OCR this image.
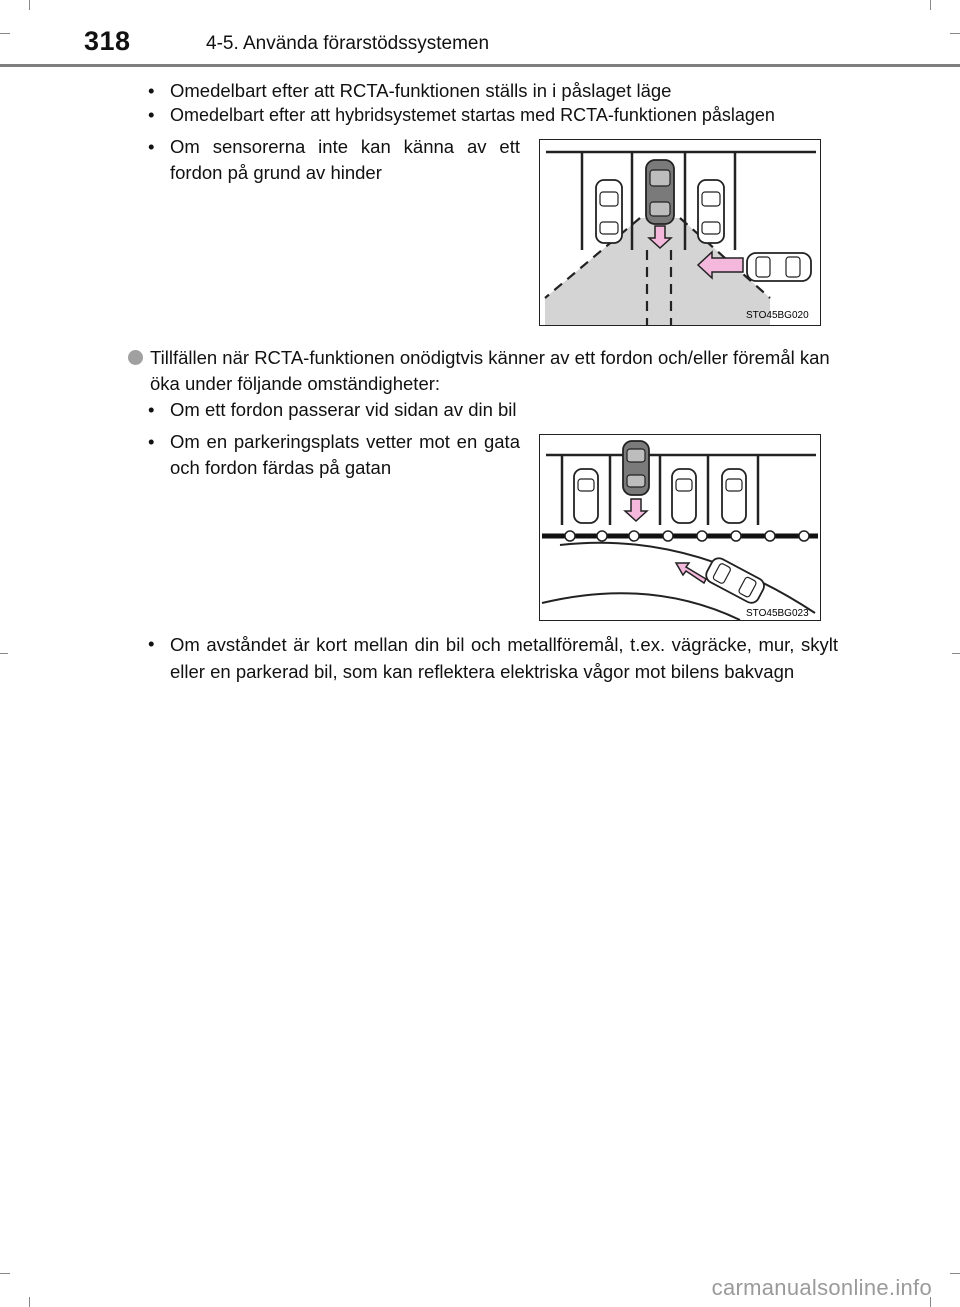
318	4-5. Använda förarstödssystemen
• Omedelbart efter att RCTA-funktionen ställs in i påslaget läge
• Omedelbart efter att hybridsystemet startas med RCTA-funktionen påslagen
• Om sensorerna inte kan känna av ett fordon på grund av hinder
STO45BG020
Tillfällen när RCTA-funktionen onödigtvis känner av ett fordon och/eller föremål kan öka under följande omständigheter:
• Om ett fordon passerar vid sidan av din bil
• Om en parkeringsplats vetter mot en gata och fordon färdas på gatan
STO45BG023
• Om avståndet är kort mellan din bil och metallföremål, t.ex. vägräcke, mur, skylt eller en parkerad bil, som kan reflektera elektriska vågor mot bilens bakvagn
carmanualsonline.info
